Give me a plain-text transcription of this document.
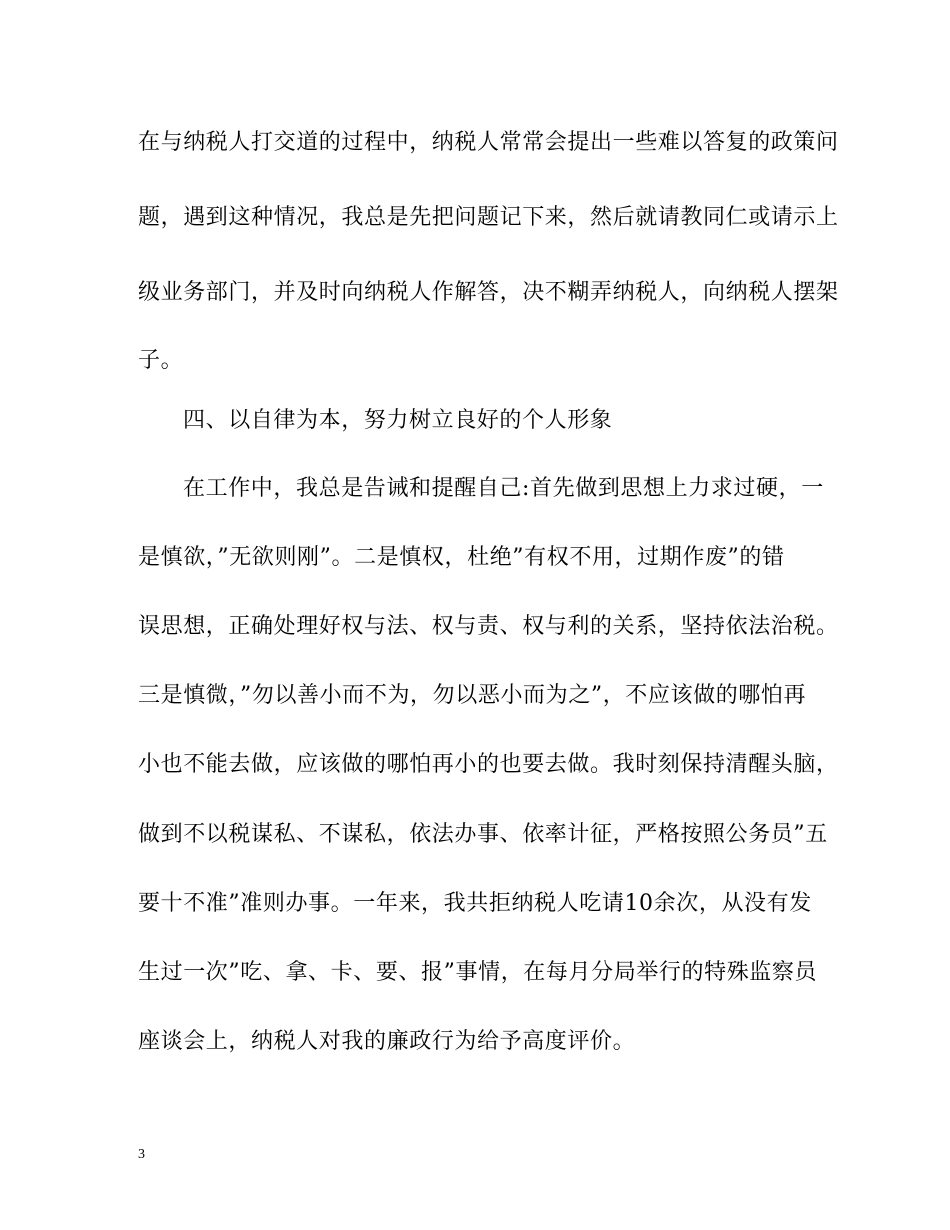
在与纳税人打交道的过程中，纳税人常常会提出一些难以答复的政策问
题，遇到这种情况，我总是先把问题记下来，然后就请教同仁或请示上
级业务部门，并及时向纳税人作解答，决不糊弄纳税人，向纳税人摆架
子。
四、以自律为本，努力树立良好的个人形象
在工作中，我总是告诫和提醒自己:首先做到思想上力求过硬，一
是慎欲，”无欲则刚”。二是慎权，杜绝”有权不用，过期作废”的错
误思想，正确处理好权与法、权与责、权与利的关系，坚持依法治税。
三是慎微，”勿以善小而不为，勿以恶小而为之”，不应该做的哪怕再
小也不能去做，应该做的哪怕再小的也要去做。我时刻保持清醒头脑，
做到不以税谋私、不谋私，依法办事、依率计征，严格按照公务员”五
要十不准”准则办事。一年来，我共拒纳税人吃请10余次，从没有发
生过一次”吃、拿、卡、要、报”事情，在每月分局举行的特殊监察员
座谈会上，纳税人对我的廉政行为给予高度评价。
3
